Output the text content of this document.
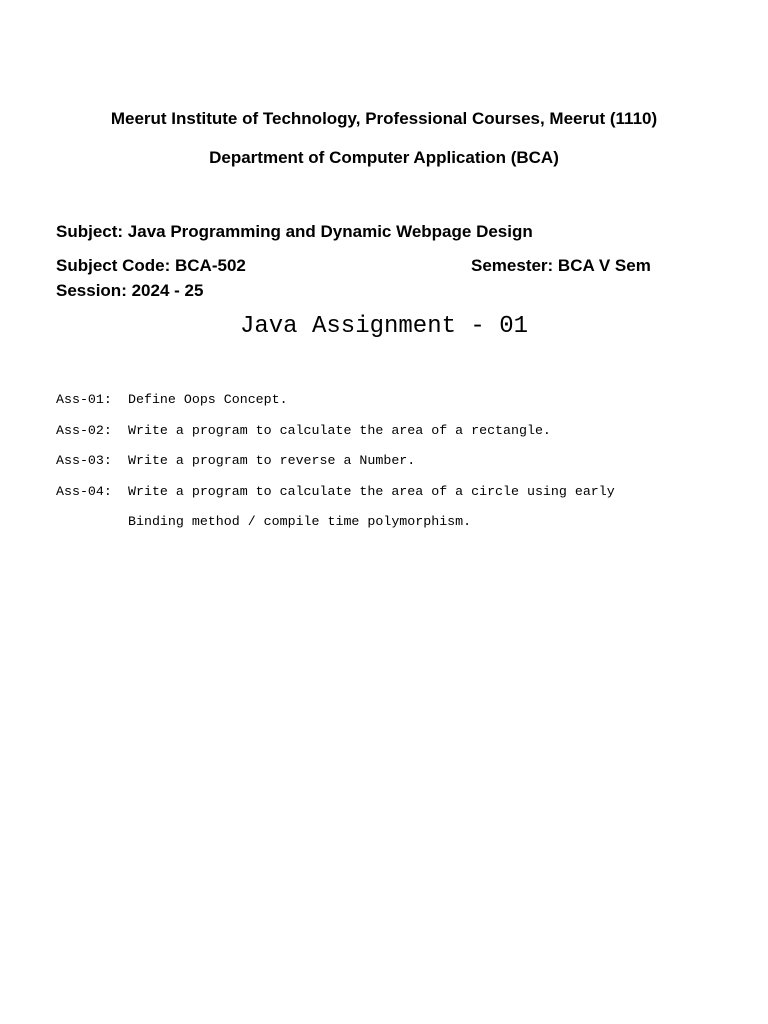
Meerut Institute of Technology, Professional Courses, Meerut (1110)
Department of Computer Application (BCA)
Subject: Java Programming and Dynamic Webpage Design
Subject Code: BCA-502	Semester: BCA V Sem
Session: 2024 - 25
Java Assignment - 01
Ass-01:	Define Oops Concept.
Ass-02:	Write a program to calculate the area of a rectangle.
Ass-03:	Write a program to reverse a Number.
Ass-04:	Write a program to calculate the area of a circle using early
Binding method / compile time polymorphism.
